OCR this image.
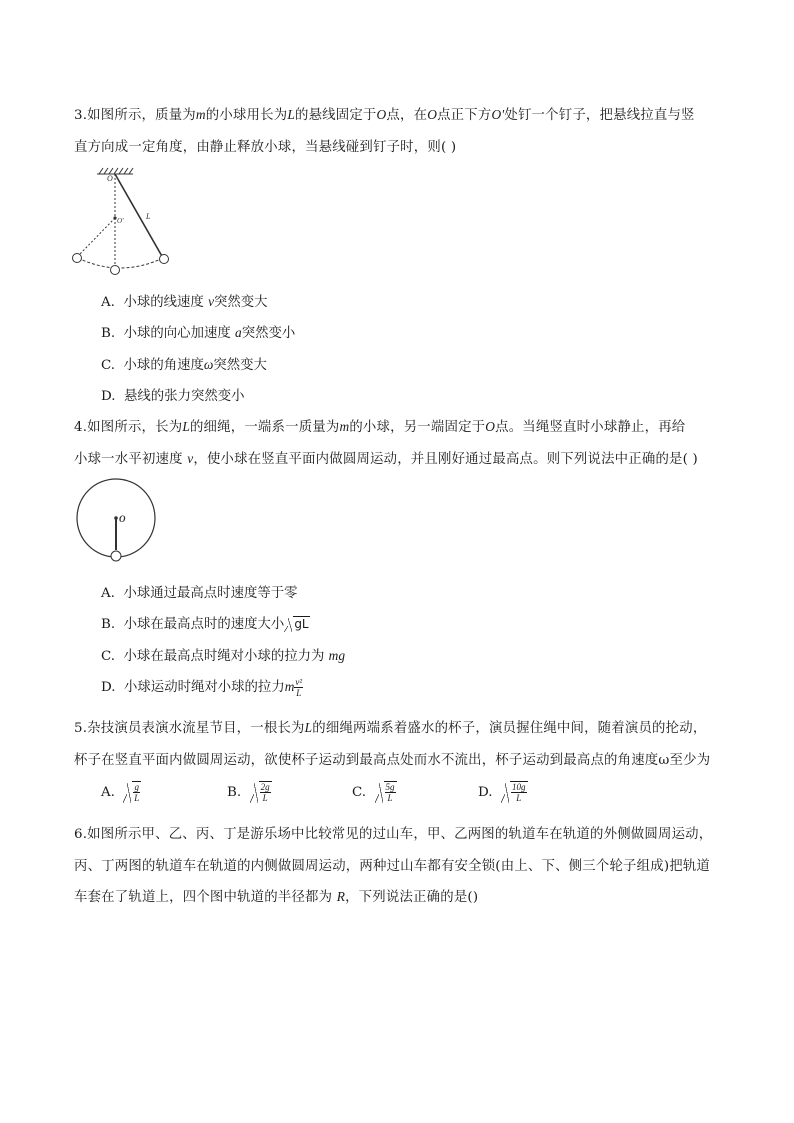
3.如图所示，质量为m的小球用长为L的悬线固定于O点，在O点正下方O'处钉一个钉子，把悬线拉直与竖
直方向成一定角度，由静止释放小球，当悬线碰到钉子时，则( )
O
O'	L
A. 小球的线速度 v突然变大
B. 小球的向心加速度 a突然变小
C. 小球的角速度ω突然变大
D. 悬线的张力突然变小
4.如图所示，长为L的细绳，一端系一质量为m的小球，另一端固定于O点。当绳竖直时小球静止，再给
小球一水平初速度 v，使小球在竖直平面内做圆周运动，并且刚好通过最高点。则下列说法中正确的是( )
O
A. 小球通过最高点时速度等于零
B. 小球在最高点时的速度大小 gL
C. 小球在最高点时绳对小球的拉力为 mg
D. 小球运动时绳对小球的拉力m $\frac{\text{v²}}{L}$
5.杂技演员表演水流星节目，一根长为L的细绳两端系着盛水的杯子，演员握住绳中间，随着演员的抡动，
杯子在竖直平面内做圆周运动，欲使杯子运动到最高点处而水不流出，杯子运动到最高点的角速度ω至少为
A. $\frac{g}{L}$	B. $\frac{2g}{L}$	C. $\frac{5g}{L}$	D. $\frac{10g}{L}$
6.如图所示甲、乙、丙、丁是游乐场中比较常见的过山车，甲、乙两图的轨道车在轨道的外侧做圆周运动，
丙、丁两图的轨道车在轨道的内侧做圆周运动，两种过山车都有安全锁(由上、下、侧三个轮子组成)把轨道
车套在了轨道上，四个图中轨道的半径都为 R，下列说法正确的是()
